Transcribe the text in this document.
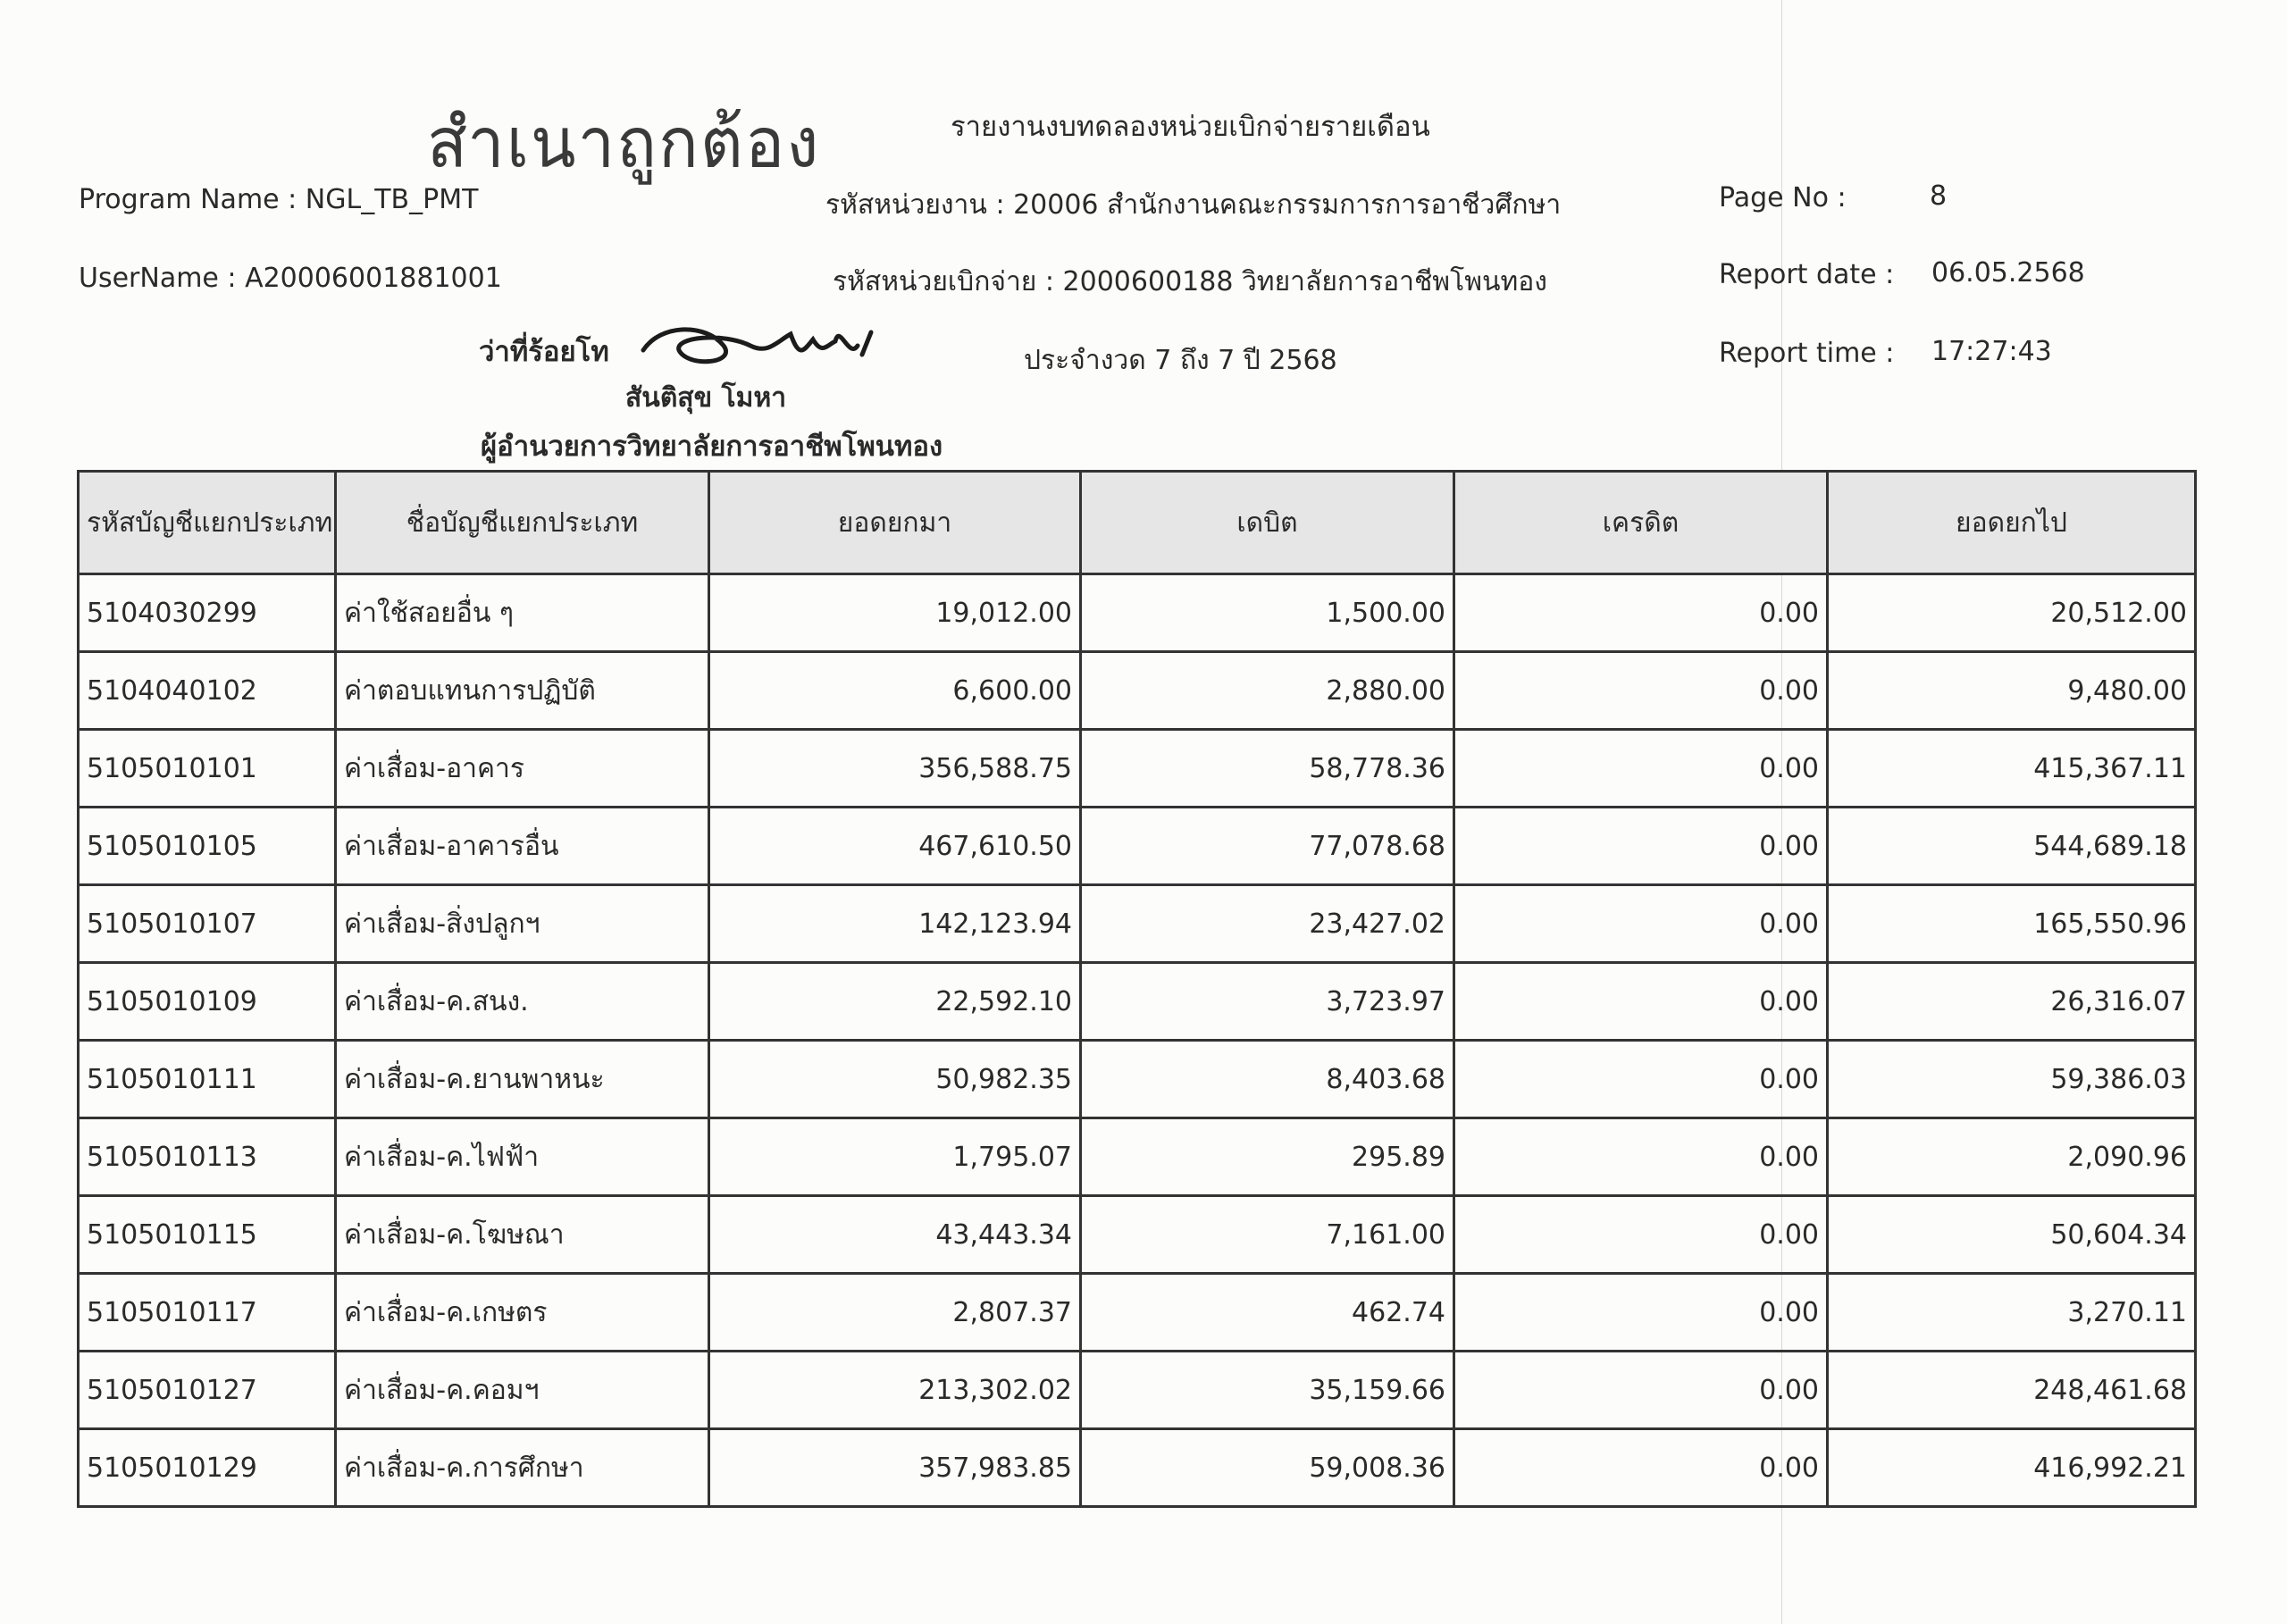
สำเนาถูกต้อง	รายงานงบทดลองหน่วยเบิกจ่ายรายเดือน
Program Name : NGL_TB_PMT	รหัสหน่วยงาน : 20006 สำนักงานคณะกรรมการการอาชีวศึกษา	Page No :	8
UserName : A20006001881001	รหัสหน่วยเบิกจ่าย : 2000600188 วิทยาลัยการอาชีพโพนทอง	Report date : 06.05.2568
ว่าที่ร้อยโท	ประจำงวด 7 ถึง 7 ปี 2568	Report time : 17:27:43
สันติสุข โมหา
ผู้อำนวยการวิทยาลัยการอาชีพโพนทอง
รหัสบัญชีแยกประเภท	ชื่อบัญชีแยกประเภท	ยอดยกมา	เดบิต	เครดิต	ยอดยกไป
5104030299	ค่าใช้สอยอื่น ๆ	19,012.00	1,500.00	0.00	20,512.00
5104040102	ค่าตอบแทนการปฏิบัติ	6,600.00	2,880.00	0.00	9,480.00
5105010101	ค่าเสื่อม-อาคาร	356,588.75	58,778.36	0.00	415,367.11
5105010105	ค่าเสื่อม-อาคารอื่น	467,610.50	77,078.68	0.00	544,689.18
5105010107	ค่าเสื่อม-สิ่งปลูกฯ	142,123.94	23,427.02	0.00	165,550.96
5105010109	ค่าเสื่อม-ค.สนง.	22,592.10	3,723.97	0.00	26,316.07
5105010111	ค่าเสื่อม-ค.ยานพาหนะ	50,982.35	8,403.68	0.00	59,386.03
5105010113	ค่าเสื่อม-ค.ไฟฟ้า	1,795.07	295.89	0.00	2,090.96
5105010115	ค่าเสื่อม-ค.โฆษณา	43,443.34	7,161.00	0.00	50,604.34
5105010117	ค่าเสื่อม-ค.เกษตร	2,807.37	462.74	0.00	3,270.11
5105010127	ค่าเสื่อม-ค.คอมฯ	213,302.02	35,159.66	0.00	248,461.68
5105010129	ค่าเสื่อม-ค.การศึกษา	357,983.85	59,008.36	0.00	416,992.21
